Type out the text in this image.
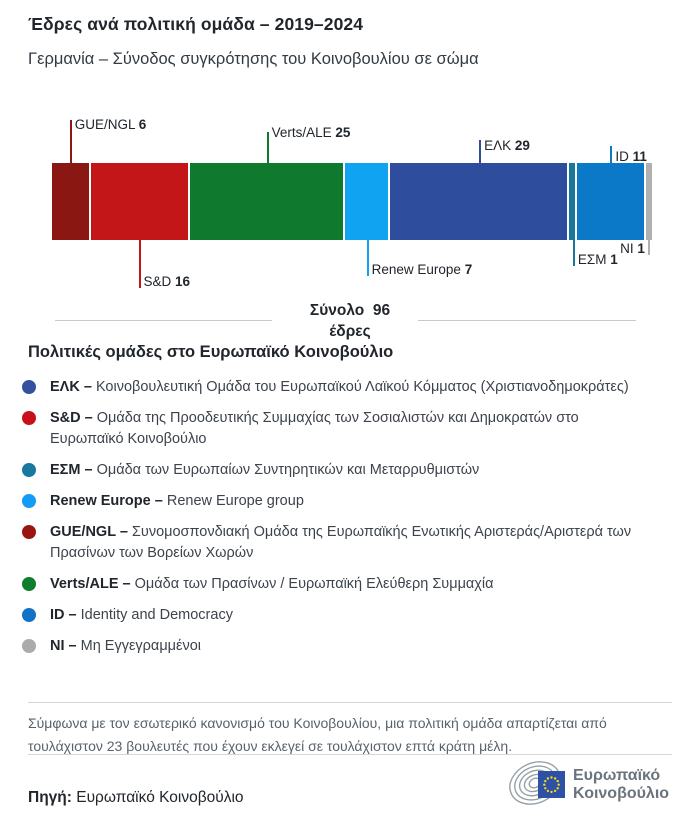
Έδρες ανά πολιτική ομάδα – 2019–2024
Γερμανία – Σύνοδος συγκρότησης του Κοινοβουλίου σε σώμα
GUE/NGL 6
S&D 16
Verts/ALE 25
Renew Europe 7
ΕΛΚ 29
ΕΣΜ 1
ID 11
NI 1
Σύνολο 96
έδρες
Πολιτικές ομάδες στο Ευρωπαϊκό Κοινοβούλιο
ΕΛΚ – Κοινοβουλευτική Ομάδα του Ευρωπαϊκού Λαϊκού Κόμματος (Χριστιανοδημοκράτες)
S&D – Ομάδα της Προοδευτικής Συμμαχίας των Σοσιαλιστών και Δημοκρατών στο Ευρωπαϊκό Κοινοβούλιο
ΕΣΜ – Ομάδα των Ευρωπαίων Συντηρητικών και Μεταρρυθμιστών
Renew Europe – Renew Europe group
GUE/NGL – Συνομοσπονδιακή Ομάδα της Ευρωπαϊκής Ενωτικής Αριστεράς/Αριστερά των Πρασίνων των Βορείων Χωρών
Verts/ALE – Ομάδα των Πρασίνων / Ευρωπαϊκή Ελεύθερη Συμμαχία
ID – Identity and Democracy
NI – Μη Εγγεγραμμένοι

Σύμφωνα με τον εσωτερικό κανονισμό του Κοινοβουλίου, μια πολιτική ομάδα απαρτίζεται από τουλάχιστον 23 βουλευτές που έχουν εκλεγεί σε τουλάχιστον επτά κράτη μέλη.

Πηγή: Ευρωπαϊκό Κοινοβούλιο

Ευρωπαϊκό
Κοινοβούλιο
